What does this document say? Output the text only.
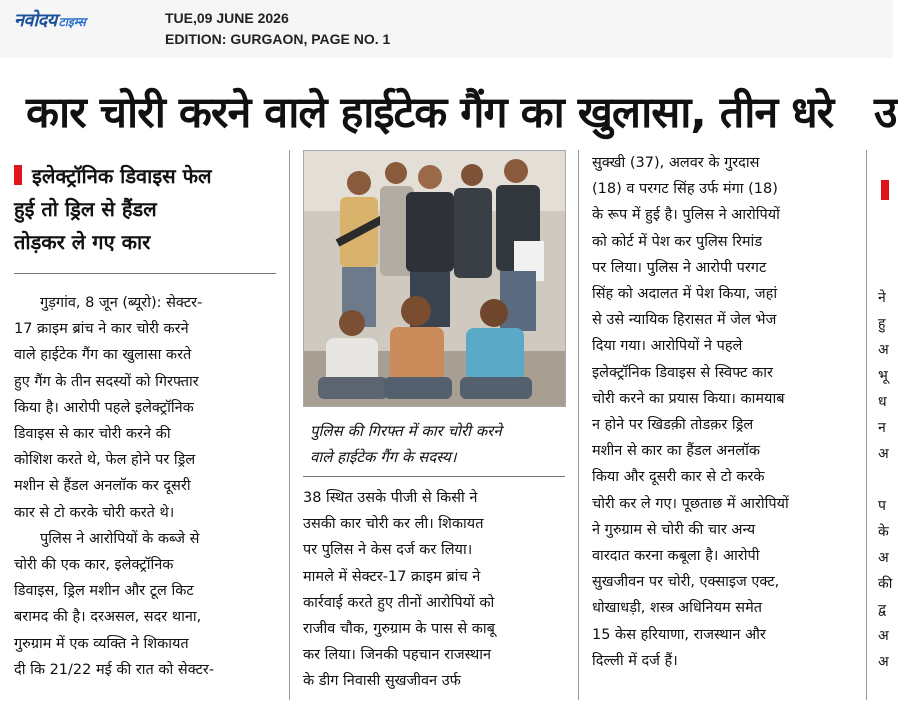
नवोदय टाइम्स	TUE,09 JUNE 2026
EDITION: GURGAON, PAGE NO. 1
कार चोरी करने वाले हाईटेक गैंग का खुलासा, तीन धरे उ
इलेक्ट्रॉनिक डिवाइस फेल
हुई तो ड्रिल से हैंडल
तोड़कर ले गए कार
गुड़गांव, 8 जून (ब्यूरो): सेक्टर-
17 क्राइम ब्रांच ने कार चोरी करने
वाले हाईटेक गैंग का खुलासा करते
हुए गैंग के तीन सदस्यों को गिरफ्तार
किया है। आरोपी पहले इलेक्ट्रॉनिक
डिवाइस से कार चोरी करने की
कोशिश करते थे, फेल होने पर ड्रिल
मशीन से हैंडल अनलॉक कर दूसरी
कार से टो करके चोरी करते थे।
पुलिस ने आरोपियों के कब्जे से
चोरी की एक कार, इलेक्ट्रॉनिक
डिवाइस, ड्रिल मशीन और टूल किट
बरामद की है। दरअसल, सदर थाना,
गुरुग्राम में एक व्यक्ति ने शिकायत
दी कि 21/22 मई की रात को सेक्टर-
पुलिस की गिरफ्त में कार चोरी करने
वाले हाईटेक गैंग के सदस्य।
38 स्थित उसके पीजी से किसी ने
उसकी कार चोरी कर ली। शिकायत
पर पुलिस ने केस दर्ज कर लिया।
मामले में सेक्टर-17 क्राइम ब्रांच ने
कार्रवाई करते हुए तीनों आरोपियों को
राजीव चौक, गुरुग्राम के पास से काबू
कर लिया। जिनकी पहचान राजस्थान
के डीग निवासी सुखजीवन उर्फ
सुक्खी (37), अलवर के गुरदास
(18) व परगट सिंह उर्फ मंगा (18)
के रूप में हुई है। पुलिस ने आरोपियों
को कोर्ट में पेश कर पुलिस रिमांड
पर लिया। पुलिस ने आरोपी परगट
सिंह को अदालत में पेश किया, जहां
से उसे न्यायिक हिरासत में जेल भेज
दिया गया। आरोपियों ने पहले
इलेक्ट्रॉनिक डिवाइस से स्विफ्ट कार
चोरी करने का प्रयास किया। कामयाब
न होने पर खिडक़ी तोडक़र ड्रिल
मशीन से कार का हैंडल अनलॉक
किया और दूसरी कार से टो करके
चोरी कर ले गए। पूछताछ में आरोपियों
ने गुरुग्राम से चोरी की चार अन्य
वारदात करना कबूला है। आरोपी
सुखजीवन पर चोरी, एक्साइज एक्ट,
धोखाधड़ी, शस्त्र अधिनियम समेत
15 केस हरियाणा, राजस्थान और
दिल्ली में दर्ज हैं।
ने
हु
अ
भू
ध
न
अ

प
के
अ
की
द्व
अ
अ
